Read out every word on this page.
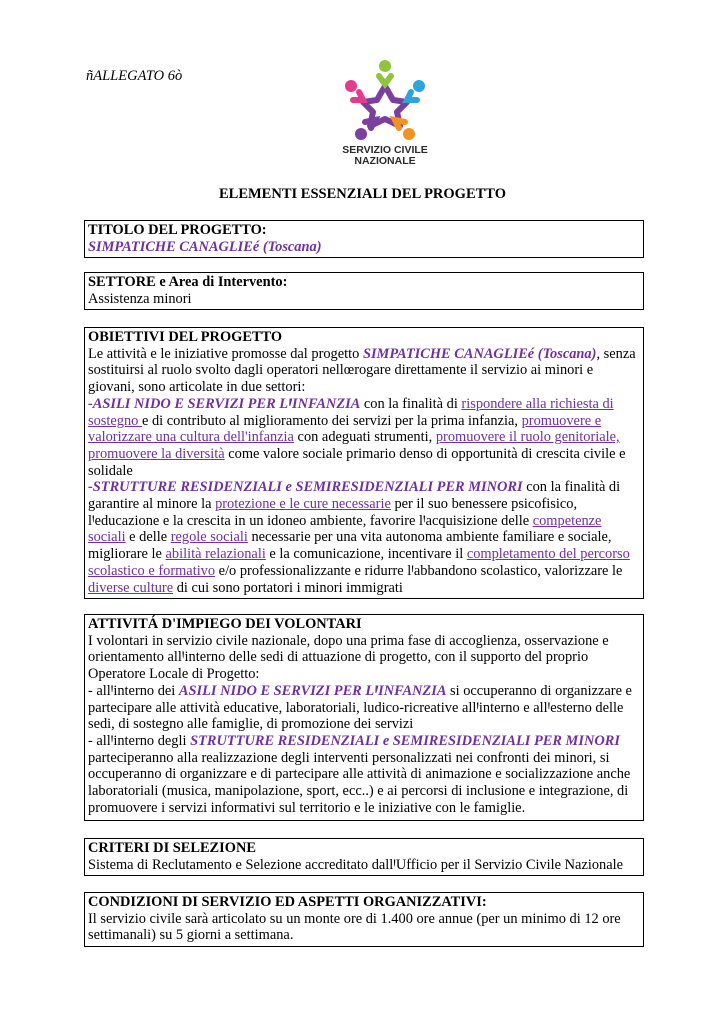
ñALLEGATO 6ò
SERVIZIO CIVILE
NAZIONALE
ELEMENTI ESSENZIALI DEL PROGETTO

TITOLO DEL PROGETTO:

SIMPATICHE CANAGLIEé (Toscana)

SETTORE e Area di Intervento:

Assistenza minori

OBIETTIVI DEL PROGETTO

Le attività e le iniziative promosse dal progetto SIMPATICHE CANAGLIEé (Toscana), senza sostituirsi al ruolo svolto dagli operatori nellœrogare direttamente il servizio ai minori e giovani, sono articolate in due settori:

-ASILI NIDO E SERVIZI PER LꞋINFANZIA con la finalità di rispondere alla richiesta di sostegno e di contributo al miglioramento dei servizi per la prima infanzia, promuovere e valorizzare una cultura dell'infanzia con adeguati strumenti, promuovere il ruolo genitoriale, promuovere la diversità come valore sociale primario denso di opportunità di crescita civile e solidale

-STRUTTURE RESIDENZIALI e SEMIRESIDENZIALI PER MINORI con la finalità di garantire al minore la protezione e le cure necessarie per il suo benessere psicofisico, lꞋeducazione e la crescita in un idoneo ambiente, favorire lꞋacquisizione delle competenze sociali e delle regole sociali necessarie per una vita autonoma ambiente familiare e sociale, migliorare le abilità relazionali e la comunicazione, incentivare il completamento del percorso scolastico e formativo e/o professionalizzante e ridurre lꞋabbandono scolastico, valorizzare le diverse culture di cui sono portatori i minori immigrati

ATTIVITÁ D'IMPIEGO DEI VOLONTARI

I volontari in servizio civile nazionale, dopo una prima fase di accoglienza, osservazione e orientamento allꞋinterno delle sedi di attuazione di progetto, con il supporto del proprio Operatore Locale di Progetto:

- allꞋinterno dei ASILI NIDO E SERVIZI PER LꞋINFANZIA si occuperanno di organizzare e partecipare alle attività educative, laboratoriali, ludico-ricreative allꞋinterno e allꞋesterno delle sedi, di sostegno alle famiglie, di promozione dei servizi

- allꞋinterno degli STRUTTURE RESIDENZIALI e SEMIRESIDENZIALI PER MINORI parteciperanno alla realizzazione degli interventi personalizzati nei confronti dei minori, si occuperanno di organizzare e di partecipare alle attività di animazione e socializzazione anche laboratoriali (musica, manipolazione, sport, ecc..) e ai percorsi di inclusione e integrazione, di promuovere i servizi informativi sul territorio e le iniziative con le famiglie.

CRITERI DI SELEZIONE

Sistema di Reclutamento e Selezione accreditato dallꞋUfficio per il Servizio Civile Nazionale

CONDIZIONI DI SERVIZIO ED ASPETTI ORGANIZZATIVI:

Il servizio civile sarà articolato su un monte ore di 1.400 ore annue (per un minimo di 12 ore settimanali) su 5 giorni a settimana.
